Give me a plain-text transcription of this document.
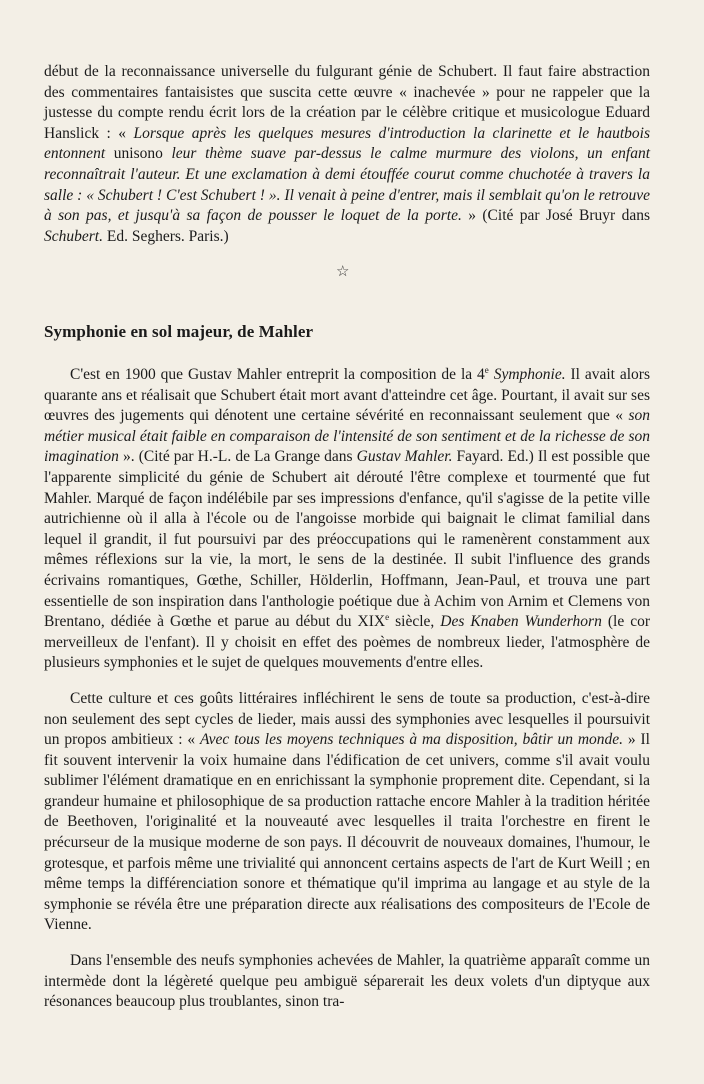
début de la reconnaissance universelle du fulgurant génie de Schubert. Il faut faire abstraction des commentaires fantaisistes que suscita cette œuvre « inachevée » pour ne rappeler que la justesse du compte rendu écrit lors de la création par le célèbre critique et musicologue Eduard Hanslick : « Lorsque après les quelques mesures d'introduction la clarinette et le hautbois entonnent unisono leur thème suave par-dessus le calme murmure des violons, un enfant reconnaîtrait l'auteur. Et une exclamation à demi étouffée courut comme chuchotée à travers la salle : « Schubert ! C'est Schubert ! ». Il venait à peine d'entrer, mais il semblait qu'on le retrouve à son pas, et jusqu'à sa façon de pousser le loquet de la porte. » (Cité par José Bruyr dans Schubert. Ed. Seghers. Paris.)

☆
Symphonie en sol majeur, de Mahler

C'est en 1900 que Gustav Mahler entreprit la composition de la 4e Symphonie. Il avait alors quarante ans et réalisait que Schubert était mort avant d'atteindre cet âge. Pourtant, il avait sur ses œuvres des jugements qui dénotent une certaine sévérité en reconnaissant seulement que « son métier musical était faible en comparaison de l'intensité de son sentiment et de la richesse de son imagination ». (Cité par H.-L. de La Grange dans Gustav Mahler. Fayard. Ed.) Il est possible que l'apparente simplicité du génie de Schubert ait dérouté l'être complexe et tourmenté que fut Mahler. Marqué de façon indélébile par ses impressions d'enfance, qu'il s'agisse de la petite ville autrichienne où il alla à l'école ou de l'angoisse morbide qui baignait le climat familial dans lequel il grandit, il fut poursuivi par des préoccupations qui le ramenèrent constamment aux mêmes réflexions sur la vie, la mort, le sens de la destinée. Il subit l'influence des grands écrivains romantiques, Gœthe, Schiller, Hölderlin, Hoffmann, Jean-Paul, et trouva une part essentielle de son inspiration dans l'anthologie poétique due à Achim von Arnim et Clemens von Brentano, dédiée à Gœthe et parue au début du XIXe siècle, Des Knaben Wunderhorn (le cor merveilleux de l'enfant). Il y choisit en effet des poèmes de nombreux lieder, l'atmosphère de plusieurs symphonies et le sujet de quelques mouvements d'entre elles.

Cette culture et ces goûts littéraires infléchirent le sens de toute sa production, c'est-à-dire non seulement des sept cycles de lieder, mais aussi des symphonies avec lesquelles il poursuivit un propos ambitieux : « Avec tous les moyens techniques à ma disposition, bâtir un monde. » Il fit souvent intervenir la voix humaine dans l'édification de cet univers, comme s'il avait voulu sublimer l'élément dramatique en en enrichissant la symphonie proprement dite. Cependant, si la grandeur humaine et philosophique de sa production rattache encore Mahler à la tradition héritée de Beethoven, l'originalité et la nouveauté avec lesquelles il traita l'orchestre en firent le précurseur de la musique moderne de son pays. Il découvrit de nouveaux domaines, l'humour, le grotesque, et parfois même une trivialité qui annoncent certains aspects de l'art de Kurt Weill ; en même temps la différenciation sonore et thématique qu'il imprima au langage et au style de la symphonie se révéla être une préparation directe aux réalisations des compositeurs de l'Ecole de Vienne.

Dans l'ensemble des neufs symphonies achevées de Mahler, la quatrième apparaît comme un intermède dont la légèreté quelque peu ambiguë séparerait les deux volets d'un diptyque aux résonances beaucoup plus troublantes, sinon tra-
